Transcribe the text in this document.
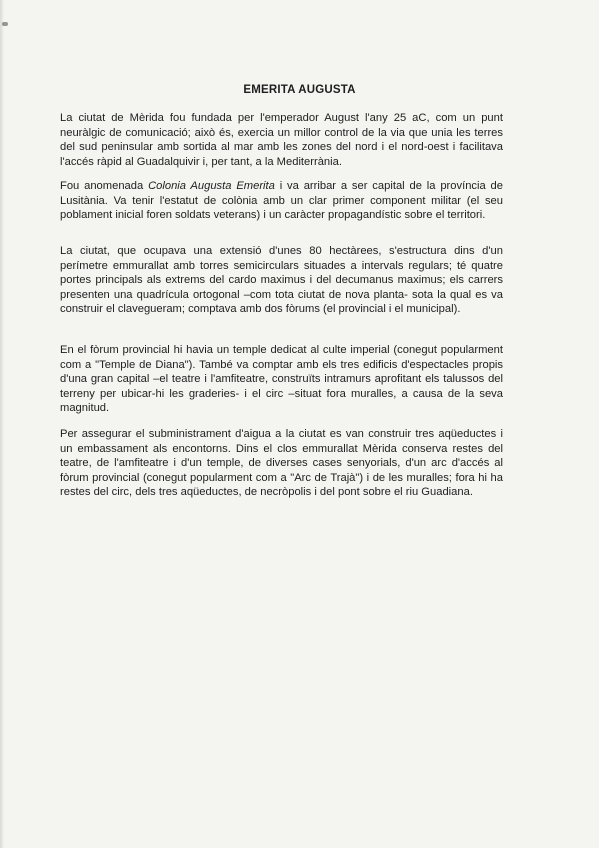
EMERITA AUGUSTA

La ciutat de Mèrida fou fundada per l'emperador August l'any 25 aC, com un punt neuràlgic de comunicació; això és, exercia un millor control de la via que unia les terres del sud peninsular amb sortida al mar amb les zones del nord i el nord-oest i facilitava l'accés ràpid al Guadalquivir i, per tant, a la Mediterrània.

Fou anomenada Colonia Augusta Emerita i va arribar a ser capital de la província de Lusitània. Va tenir l'estatut de colònia amb un clar primer component militar (el seu poblament inicial foren soldats veterans) i un caràcter propagandístic sobre el territori.

La ciutat, que ocupava una extensió d'unes 80 hectàrees, s'estructura dins d'un perímetre emmurallat amb torres semicirculars situades a intervals regulars; té quatre portes principals als extrems del cardo maximus i del decumanus maximus; els carrers presenten una quadrícula ortogonal –com tota ciutat de nova planta- sota la qual es va construir el clavegueram; comptava amb dos fòrums (el provincial i el municipal).

En el fòrum provincial hi havia un temple dedicat al culte imperial (conegut popularment com a "Temple de Diana"). També va comptar amb els tres edificis d'espectacles propis d'una gran capital –el teatre i l'amfiteatre, construïts intramurs aprofitant els talussos del terreny per ubicar-hi les graderies- i el circ –situat fora muralles, a causa de la seva magnitud.

Per assegurar el subministrament d'aigua a la ciutat es van construir tres aqüeductes i un embassament als encontorns. Dins el clos emmurallat Mèrida conserva restes del teatre, de l'amfiteatre i d'un temple, de diverses cases senyorials, d'un arc d'accés al fòrum provincial (conegut popularment com a "Arc de Trajà") i de les muralles; fora hi ha restes del circ, dels tres aqüeductes, de necròpolis i del pont sobre el riu Guadiana.
